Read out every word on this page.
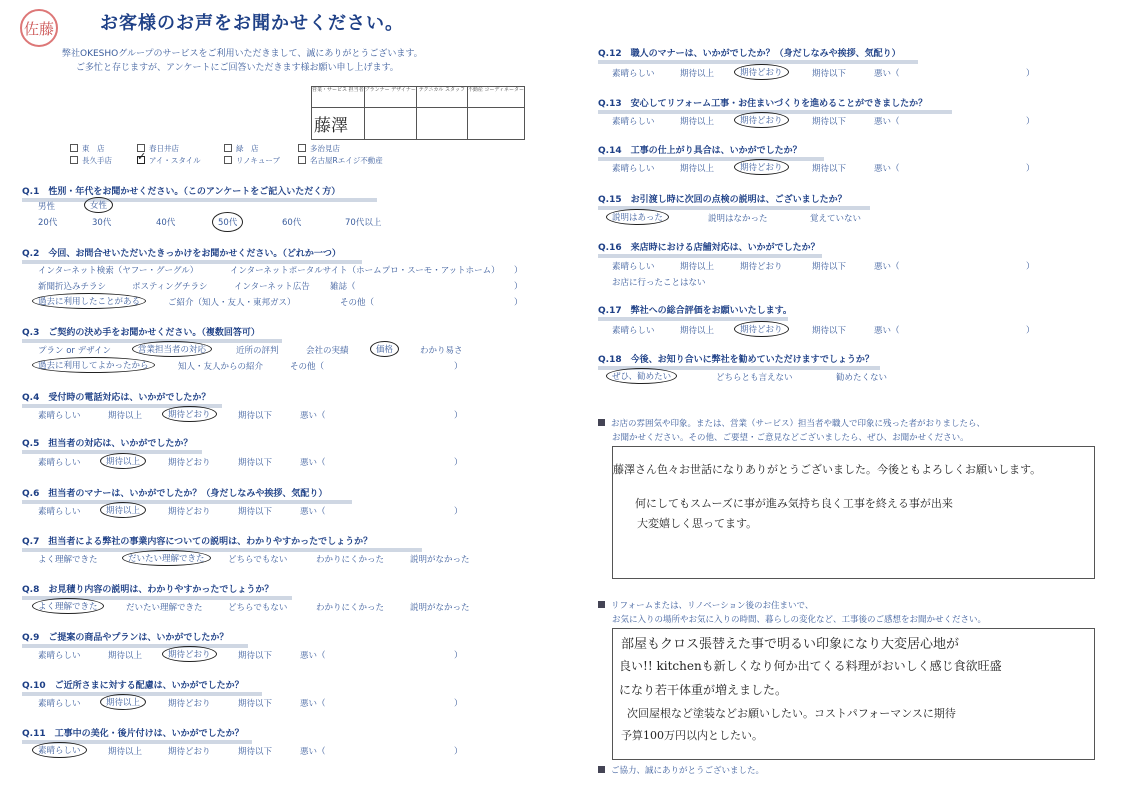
佐藤	お客様のお声をお聞かせください。
弊社OKESHOグループのサービスをご利用いただきまして、誠にありがとうございます。
ご多忙と存じますが、アンケートにご回答いただきます様お願い申し上げます。
営業・サービス 担当者	プランナー デザイナー	テクニカル スタッフ	不動産 コーディネーター

藤澤			

東　店	春日井店	緑　店	多治見店
長久手店 ✓ アイ・スタイル	リノキューブ	名古屋Rエイジ不動産
Q.1　性別・年代をお聞かせください。（このアンケートをご記入いただく方）
男性	女性
20代	30代	40代	50代	60代	70代以上
Q.2　今回、お問合せいただいたきっかけをお聞かせください。（どれか一つ）
インターネット検索（ヤフー・グーグル）	インターネットポータルサイト（ホームプロ・スーモ・アットホーム） ）
新聞折込みチラシ	ポスティングチラシ	インターネット広告 雑誌（	）
過去に利用したことがある	ご紹介（知人・友人・東邦ガス）	その他（	）
Q.3　ご契約の決め手をお聞かせください。（複数回答可）
プラン or デザイン	営業担当者の対応	近所の評判	会社の実績	価格	わかり易さ
過去に利用してよかったから	知人・友人からの紹介	その他（	）
Q.4　受付時の電話対応は、いかがでしたか？
素晴らしい	期待以上	期待どおり	期待以下	悪い（	）
Q.5　担当者の対応は、いかがでしたか？
素晴らしい	期待以上	期待どおり	期待以下	悪い（	）
Q.6　担当者のマナーは、いかがでしたか？（身だしなみや挨拶、気配り）
素晴らしい	期待以上	期待どおり	期待以下	悪い（	）
Q.7　担当者による弊社の事業内容についての説明は、わかりやすかったでしょうか？
よく理解できた	だいたい理解できた	どちらでもない	わかりにくかった	説明がなかった
Q.8　お見積り内容の説明は、わかりやすかったでしょうか？
よく理解できた	だいたい理解できた	どちらでもない	わかりにくかった	説明がなかった
Q.9　ご提案の商品やプランは、いかがでしたか？
素晴らしい	期待以上	期待どおり	期待以下	悪い（	）
Q.10　ご近所さまに対する配慮は、いかがでしたか？
素晴らしい	期待以上	期待どおり	期待以下	悪い（	）
Q.11　工事中の美化・後片付けは、いかがでしたか？
素晴らしい	期待以上	期待どおり	期待以下	悪い（	）
Q.12　職人のマナーは、いかがでしたか？（身だしなみや挨拶、気配り）
素晴らしい	期待以上	期待どおり	期待以下	悪い（	）
Q.13　安心してリフォーム工事・お住まいづくりを進めることができましたか？
素晴らしい	期待以上	期待どおり	期待以下	悪い（	）
Q.14　工事の仕上がり具合は、いかがでしたか？
素晴らしい	期待以上	期待どおり	期待以下	悪い（	）
Q.15　お引渡し時に次回の点検の説明は、ございましたか？
説明はあった	説明はなかった	覚えていない
Q.16　来店時における店舗対応は、いかがでしたか？
素晴らしい	期待以上	期待どおり	期待以下	悪い（	）
お店に行ったことはない
Q.17　弊社への総合評価をお願いいたします。
素晴らしい	期待以上	期待どおり	期待以下	悪い（	）
Q.18　今後、お知り合いに弊社を勧めていただけますでしょうか？
ぜひ、勧めたい	どちらとも言えない	勧めたくない
お店の雰囲気や印象。または、営業（サービス）担当者や職人で印象に残った者がおりましたら、
お聞かせください。その他、ご要望・ご意見などございましたら、ぜひ、お聞かせください。
藤澤さん色々お世話になりありがとうございました。今後ともよろしくお願いします。
何にしてもスムーズに事が進み気持ち良く工事を終える事が出来
大変嬉しく思ってます。
リフォームまたは、リノベーション後のお住まいで、
お気に入りの場所やお気に入りの時間、暮らしの変化など、工事後のご感想をお聞かせください。
部屋もクロス張替えた事で明るい印象になり大変居心地が
良い!! kitchenも新しくなり何か出てくる料理がおいしく感じ食欲旺盛
になり若干体重が増えました。
次回屋根など塗装などお願いしたい。コストパフォーマンスに期待
予算100万円以内としたい。
ご協力、誠にありがとうございました。
